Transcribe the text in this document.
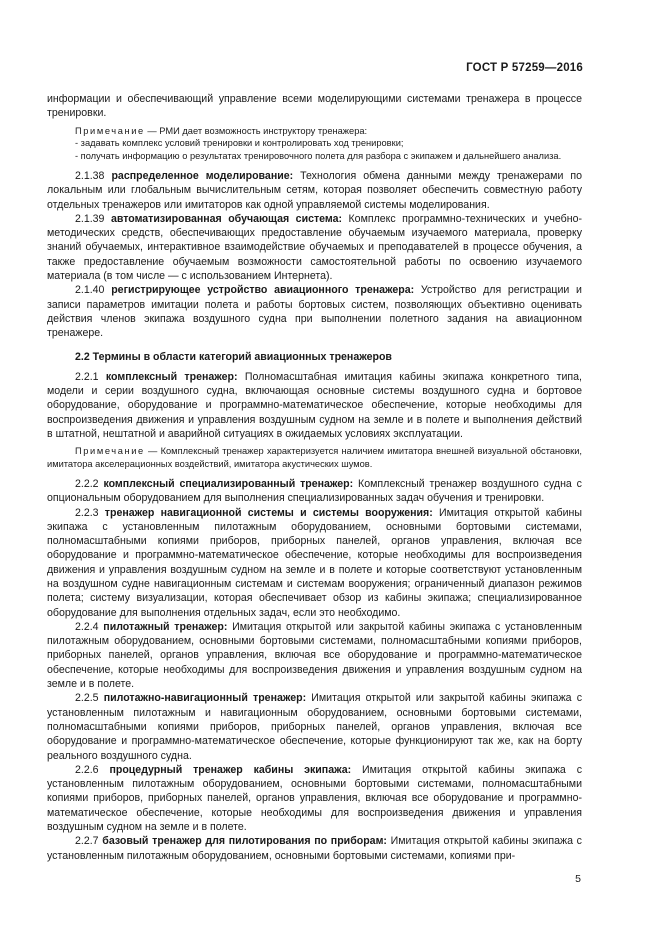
ГОСТ Р 57259—2016

информации и обеспечивающий управление всеми моделирующими системами тренажера в процессе тренировки.

Примечание — РМИ дает возможность инструктору тренажера:

- задавать комплекс условий тренировки и контролировать ход тренировки;

- получать информацию о результатах тренировочного полета для разбора с экипажем и дальнейшего анализа.

2.1.38 распределенное моделирование: Технология обмена данными между тренажерами по локальным или глобальным вычислительным сетям, которая позволяет обеспечить совместную работу отдельных тренажеров или имитаторов как одной управляемой системы моделирования.

2.1.39 автоматизированная обучающая система: Комплекс программно-технических и учебно-методических средств, обеспечивающих предоставление обучаемым изучаемого материала, проверку знаний обучаемых, интерактивное взаимодействие обучаемых и преподавателей в процессе обучения, а также предоставление обучаемым возможности самостоятельной работы по освоению изучаемого материала (в том числе — с использованием Интернета).

2.1.40 регистрирующее устройство авиационного тренажера: Устройство для регистрации и записи параметров имитации полета и работы бортовых систем, позволяющих объективно оценивать действия членов экипажа воздушного судна при выполнении полетного задания на авиационном тренажере.

2.2 Термины в области категорий авиационных тренажеров

2.2.1 комплексный тренажер: Полномасштабная имитация кабины экипажа конкретного типа, модели и серии воздушного судна, включающая основные системы воздушного судна и бортовое оборудование, оборудование и программно-математическое обеспечение, которые необходимы для воспроизведения движения и управления воздушным судном на земле и в полете и выполнения действий в штатной, нештатной и аварийной ситуациях в ожидаемых условиях эксплуатации.

Примечание — Комплексный тренажер характеризуется наличием имитатора внешней визуальной обстановки, имитатора акселерационных воздействий, имитатора акустических шумов.

2.2.2 комплексный специализированный тренажер: Комплексный тренажер воздушного судна с опциональным оборудованием для выполнения специализированных задач обучения и тренировки.

2.2.3 тренажер навигационной системы и системы вооружения: Имитация открытой кабины экипажа с установленным пилотажным оборудованием, основными бортовыми системами, полномасштабными копиями приборов, приборных панелей, органов управления, включая все оборудование и программно-математическое обеспечение, которые необходимы для воспроизведения движения и управления воздушным судном на земле и в полете и которые соответствуют установленным на воздушном судне навигационным системам и системам вооружения; ограниченный диапазон режимов полета; систему визуализации, которая обеспечивает обзор из кабины экипажа; специализированное оборудование для выполнения отдельных задач, если это необходимо.

2.2.4 пилотажный тренажер: Имитация открытой или закрытой кабины экипажа с установленным пилотажным оборудованием, основными бортовыми системами, полномасштабными копиями приборов, приборных панелей, органов управления, включая все оборудование и программно-математическое обеспечение, которые необходимы для воспроизведения движения и управления воздушным судном на земле и в полете.

2.2.5 пилотажно-навигационный тренажер: Имитация открытой или закрытой кабины экипажа с установленным пилотажным и навигационным оборудованием, основными бортовыми системами, полномасштабными копиями приборов, приборных панелей, органов управления, включая все оборудование и программно-математическое обеспечение, которые функционируют так же, как на борту реального воздушного судна.

2.2.6 процедурный тренажер кабины экипажа: Имитация открытой кабины экипажа с установленным пилотажным оборудованием, основными бортовыми системами, полномасштабными копиями приборов, приборных панелей, органов управления, включая все оборудование и программно-математическое обеспечение, которые необходимы для воспроизведения движения и управления воздушным судном на земле и в полете.

2.2.7 базовый тренажер для пилотирования по приборам: Имитация открытой кабины экипажа с установленным пилотажным оборудованием, основными бортовыми системами, копиями при-

5
